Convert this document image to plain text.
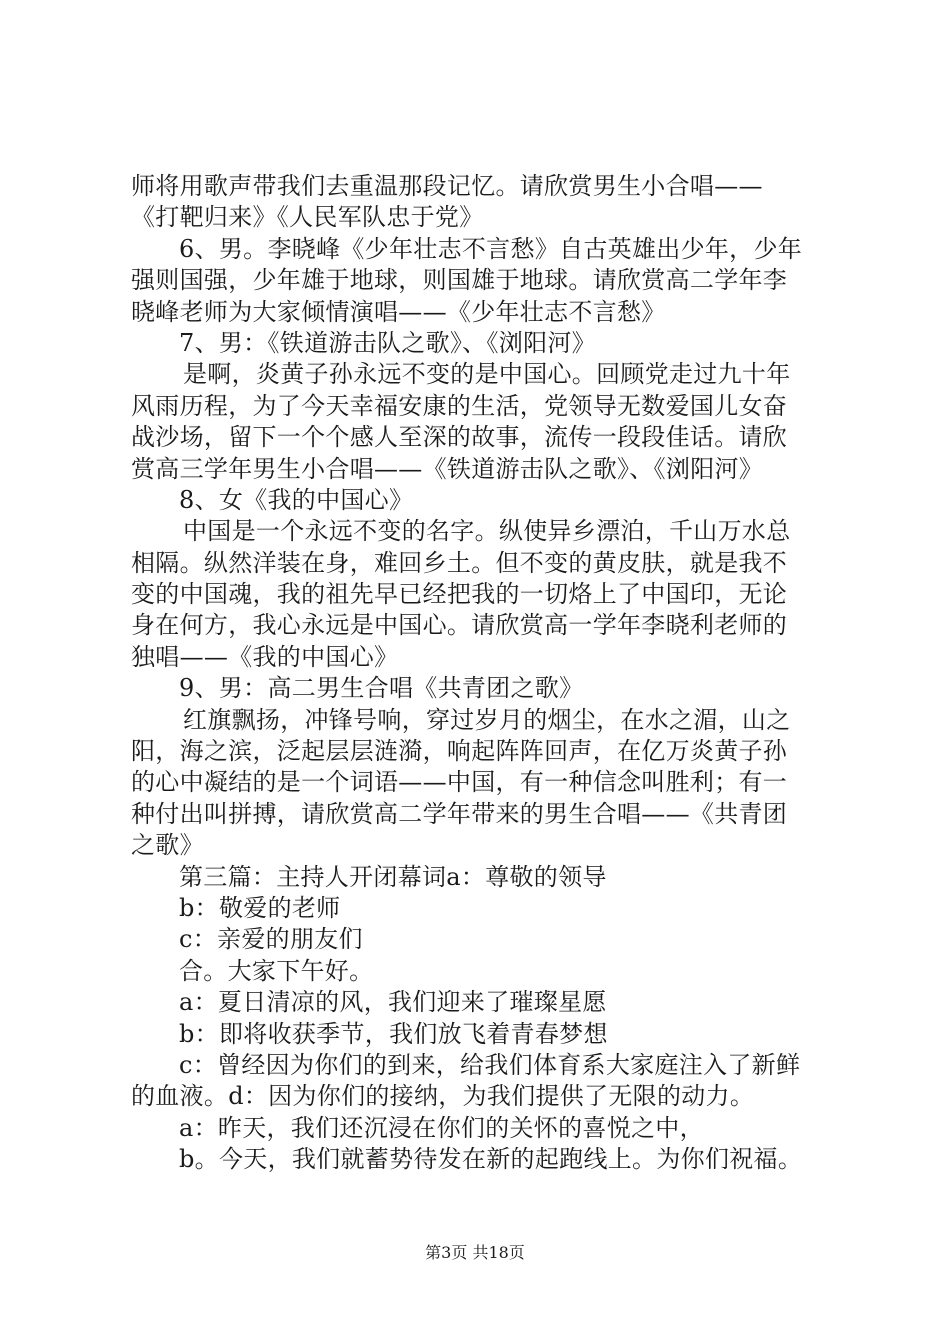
师将用歌声带我们去重温那段记忆。请欣赏男生小合唱——
《打靶归来》《人民军队忠于党》
6、男。李晓峰《少年壮志不言愁》自古英雄出少年，少年
强则国强，少年雄于地球，则国雄于地球。请欣赏高二学年李
晓峰老师为大家倾情演唱——《少年壮志不言愁》
7、男：《铁道游击队之歌》、《浏阳河》
是啊，炎黄子孙永远不变的是中国心。回顾党走过九十年
风雨历程，为了今天幸福安康的生活，党领导无数爱国儿女奋
战沙场，留下一个个感人至深的故事，流传一段段佳话。请欣
赏高三学年男生小合唱——《铁道游击队之歌》、《浏阳河》
8、女《我的中国心》
中国是一个永远不变的名字。纵使异乡漂泊，千山万水总
相隔。纵然洋装在身，难回乡土。但不变的黄皮肤，就是我不
变的中国魂，我的祖先早已经把我的一切烙上了中国印，无论
身在何方，我心永远是中国心。请欣赏高一学年李晓利老师的
独唱——《我的中国心》
9、男：高二男生合唱《共青团之歌》
红旗飘扬，冲锋号响，穿过岁月的烟尘，在水之湄，山之
阳，海之滨，泛起层层涟漪，响起阵阵回声，在亿万炎黄子孙
的心中凝结的是一个词语——中国，有一种信念叫胜利；有一
种付出叫拼搏，请欣赏高二学年带来的男生合唱——《共青团
之歌》
第三篇：主持人开闭幕词a：尊敬的领导
b：敬爱的老师
c：亲爱的朋友们
合。大家下午好。
a：夏日清凉的风，我们迎来了璀璨星愿
b：即将收获季节，我们放飞着青春梦想
c：曾经因为你们的到来，给我们体育系大家庭注入了新鲜
的血液。d：因为你们的接纳，为我们提供了无限的动力。
a：昨天，我们还沉浸在你们的关怀的喜悦之中，
b。今天，我们就蓄势待发在新的起跑线上。为你们祝福。
第3页 共18页
